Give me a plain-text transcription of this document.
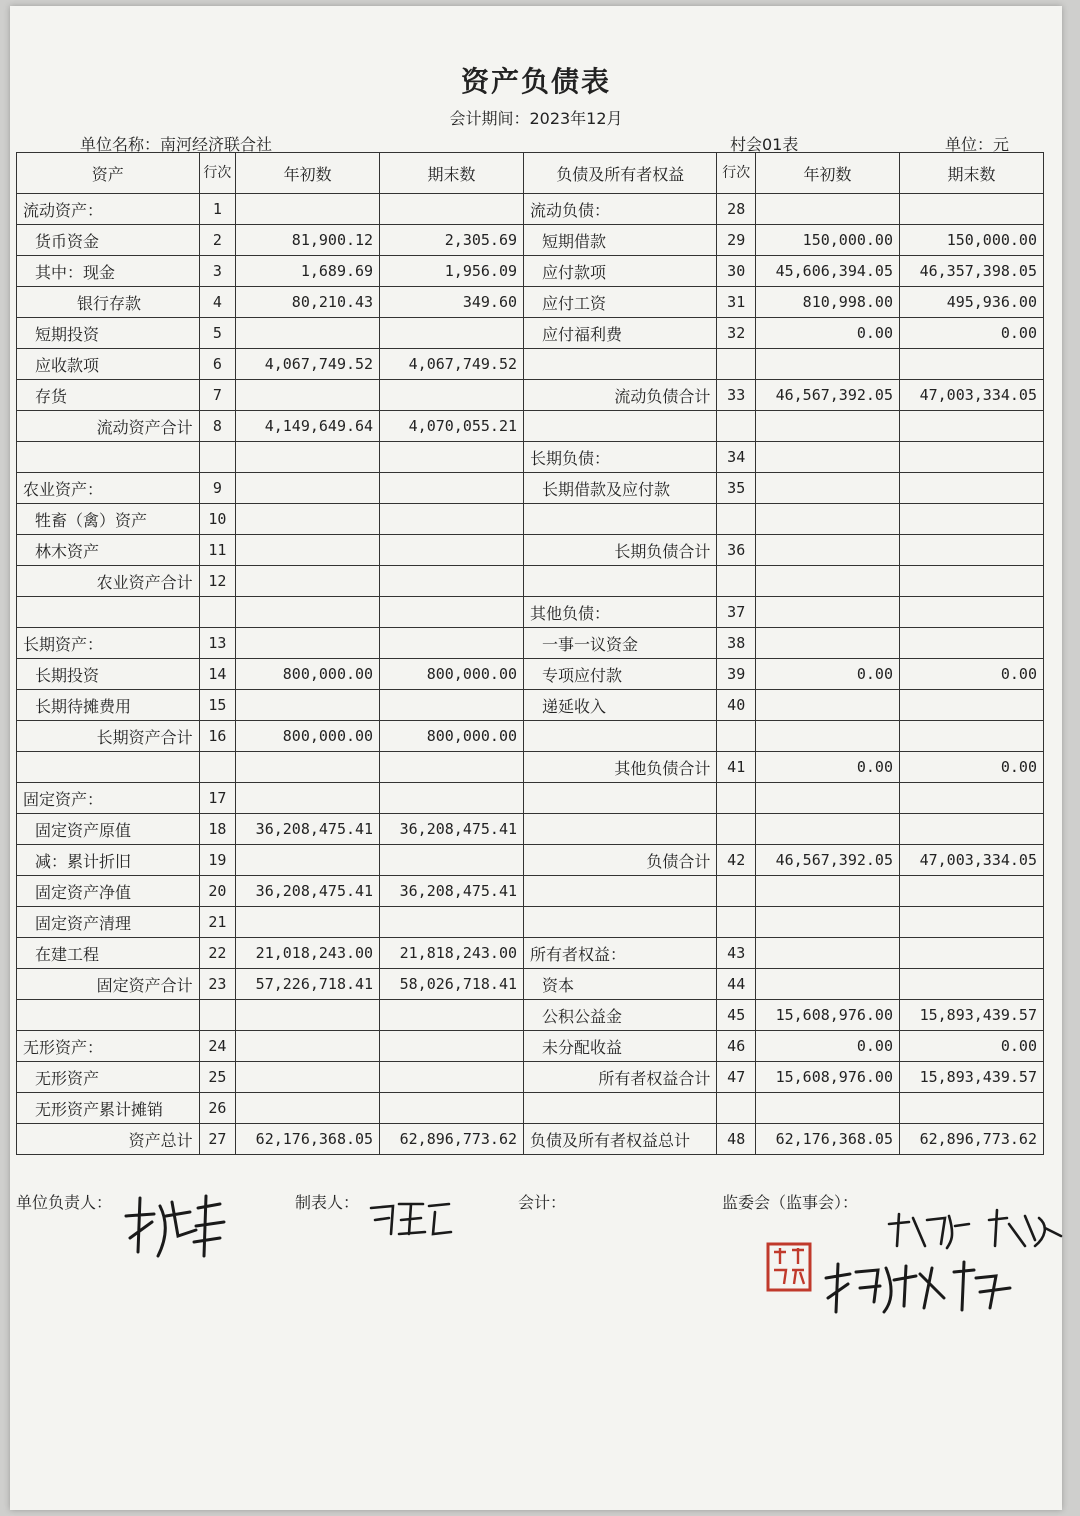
资产负债表
会计期间：2023年12月
单位名称：南河经济联合社	村会01表	单位：元
资产	行次	年初数	期末数	负债及所有者权益	行次	年初数	期末数
流动资产：	1			流动负债：	28		
货币资金	2	81,900.12	2,305.69	短期借款	29	150,000.00	150,000.00
其中：现金	3	1,689.69	1,956.09	应付款项	30	45,606,394.05	46,357,398.05
银行存款	4	80,210.43	349.60	应付工资	31	810,998.00	495,936.00
短期投资	5			应付福利费	32	0.00	0.00
应收款项	6	4,067,749.52	4,067,749.52				
存货	7			流动负债合计	33	46,567,392.05	47,003,334.05
流动资产合计	8	4,149,649.64	4,070,055.21				
				长期负债：	34		
农业资产：	9			长期借款及应付款	35		
牲畜（禽）资产	10						
林木资产	11			长期负债合计	36		
农业资产合计	12						
				其他负债：	37		
长期资产：	13			一事一议资金	38		
长期投资	14	800,000.00	800,000.00	专项应付款	39	0.00	0.00
长期待摊费用	15			递延收入	40		
长期资产合计	16	800,000.00	800,000.00				
				其他负债合计	41	0.00	0.00
固定资产：	17						
固定资产原值	18	36,208,475.41	36,208,475.41				
减：累计折旧	19			负债合计	42	46,567,392.05	47,003,334.05
固定资产净值	20	36,208,475.41	36,208,475.41				
固定资产清理	21						
在建工程	22	21,018,243.00	21,818,243.00	所有者权益：	43		
固定资产合计	23	57,226,718.41	58,026,718.41	资本	44		
				公积公益金	45	15,608,976.00	15,893,439.57
无形资产：	24			未分配收益	46	0.00	0.00
无形资产	25			所有者权益合计	47	15,608,976.00	15,893,439.57
无形资产累计摊销	26						
资产总计	27	62,176,368.05	62,896,773.62	负债及所有者权益总计	48	62,176,368.05	62,896,773.62
单位负责人：	制表人：	会计：	监委会（监事会）：
